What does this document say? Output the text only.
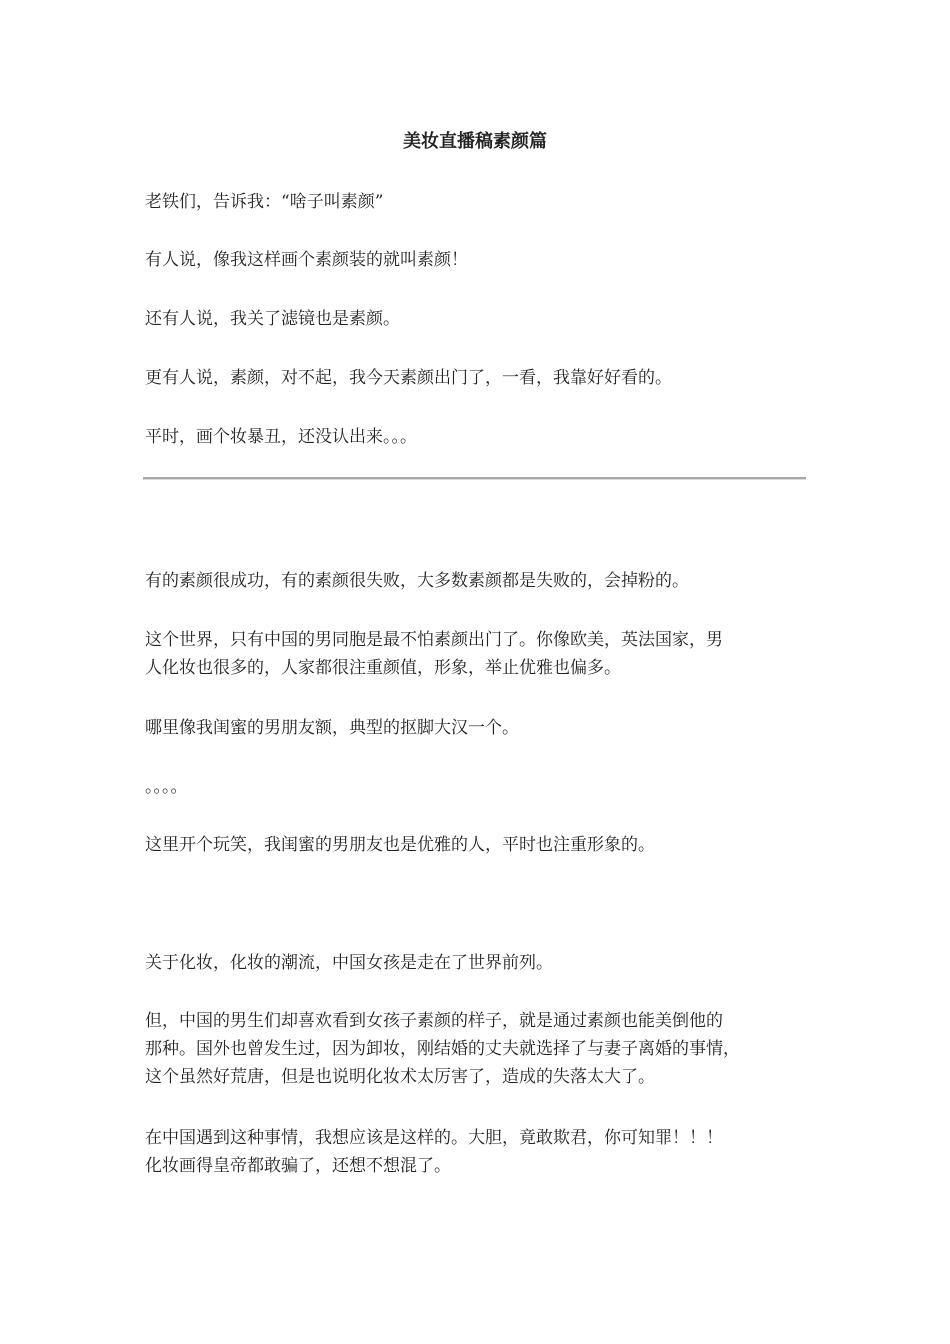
美妆直播稿素颜篇
老铁们，告诉我：“啥子叫素颜”
有人说，像我这样画个素颜装的就叫素颜！
还有人说，我关了滤镜也是素颜。
更有人说，素颜，对不起，我今天素颜出门了，一看，我靠好好看的。
平时，画个妆暴丑，还没认出来。。。
有的素颜很成功，有的素颜很失败，大多数素颜都是失败的，会掉粉的。
这个世界，只有中国的男同胞是最不怕素颜出门了。你像欧美，英法国家，男
人化妆也很多的，人家都很注重颜值，形象，举止优雅也偏多。
哪里像我闺蜜的男朋友额，典型的抠脚大汉一个。
。。。。
这里开个玩笑，我闺蜜的男朋友也是优雅的人，平时也注重形象的。
关于化妆，化妆的潮流，中国女孩是走在了世界前列。
但，中国的男生们却喜欢看到女孩子素颜的样子，就是通过素颜也能美倒他的
那种。国外也曾发生过，因为卸妆，刚结婚的丈夫就选择了与妻子离婚的事情，
这个虽然好荒唐，但是也说明化妆术太厉害了，造成的失落太大了。
在中国遇到这种事情，我想应该是这样的。大胆，竟敢欺君，你可知罪！！！
化妆画得皇帝都敢骗了，还想不想混了。
